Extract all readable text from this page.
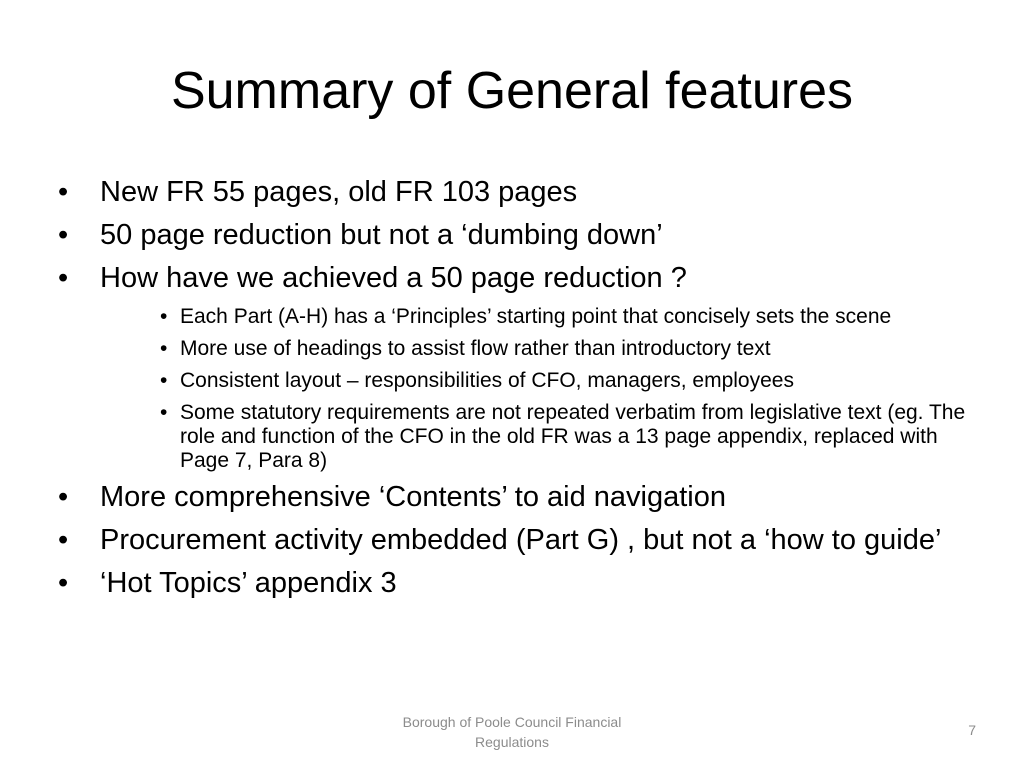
Summary of General features
• New FR 55 pages, old FR 103 pages
• 50 page reduction but not a ‘dumbing down’
• How have we achieved a 50 page reduction ?
• Each Part (A-H) has a ‘Principles’ starting point that concisely sets the scene
• More use of headings to assist flow rather than introductory text
• Consistent layout – responsibilities of CFO, managers, employees
• Some statutory requirements are not repeated verbatim from legislative text (eg. The role and function of the CFO in the old FR was a 13 page appendix, replaced with Page 7, Para 8)
• More comprehensive ‘Contents’ to aid navigation
• Procurement activity embedded (Part G) , but not a ‘how to guide’
• ‘Hot Topics’ appendix 3
Borough of Poole Council Financial
Regulations
7
